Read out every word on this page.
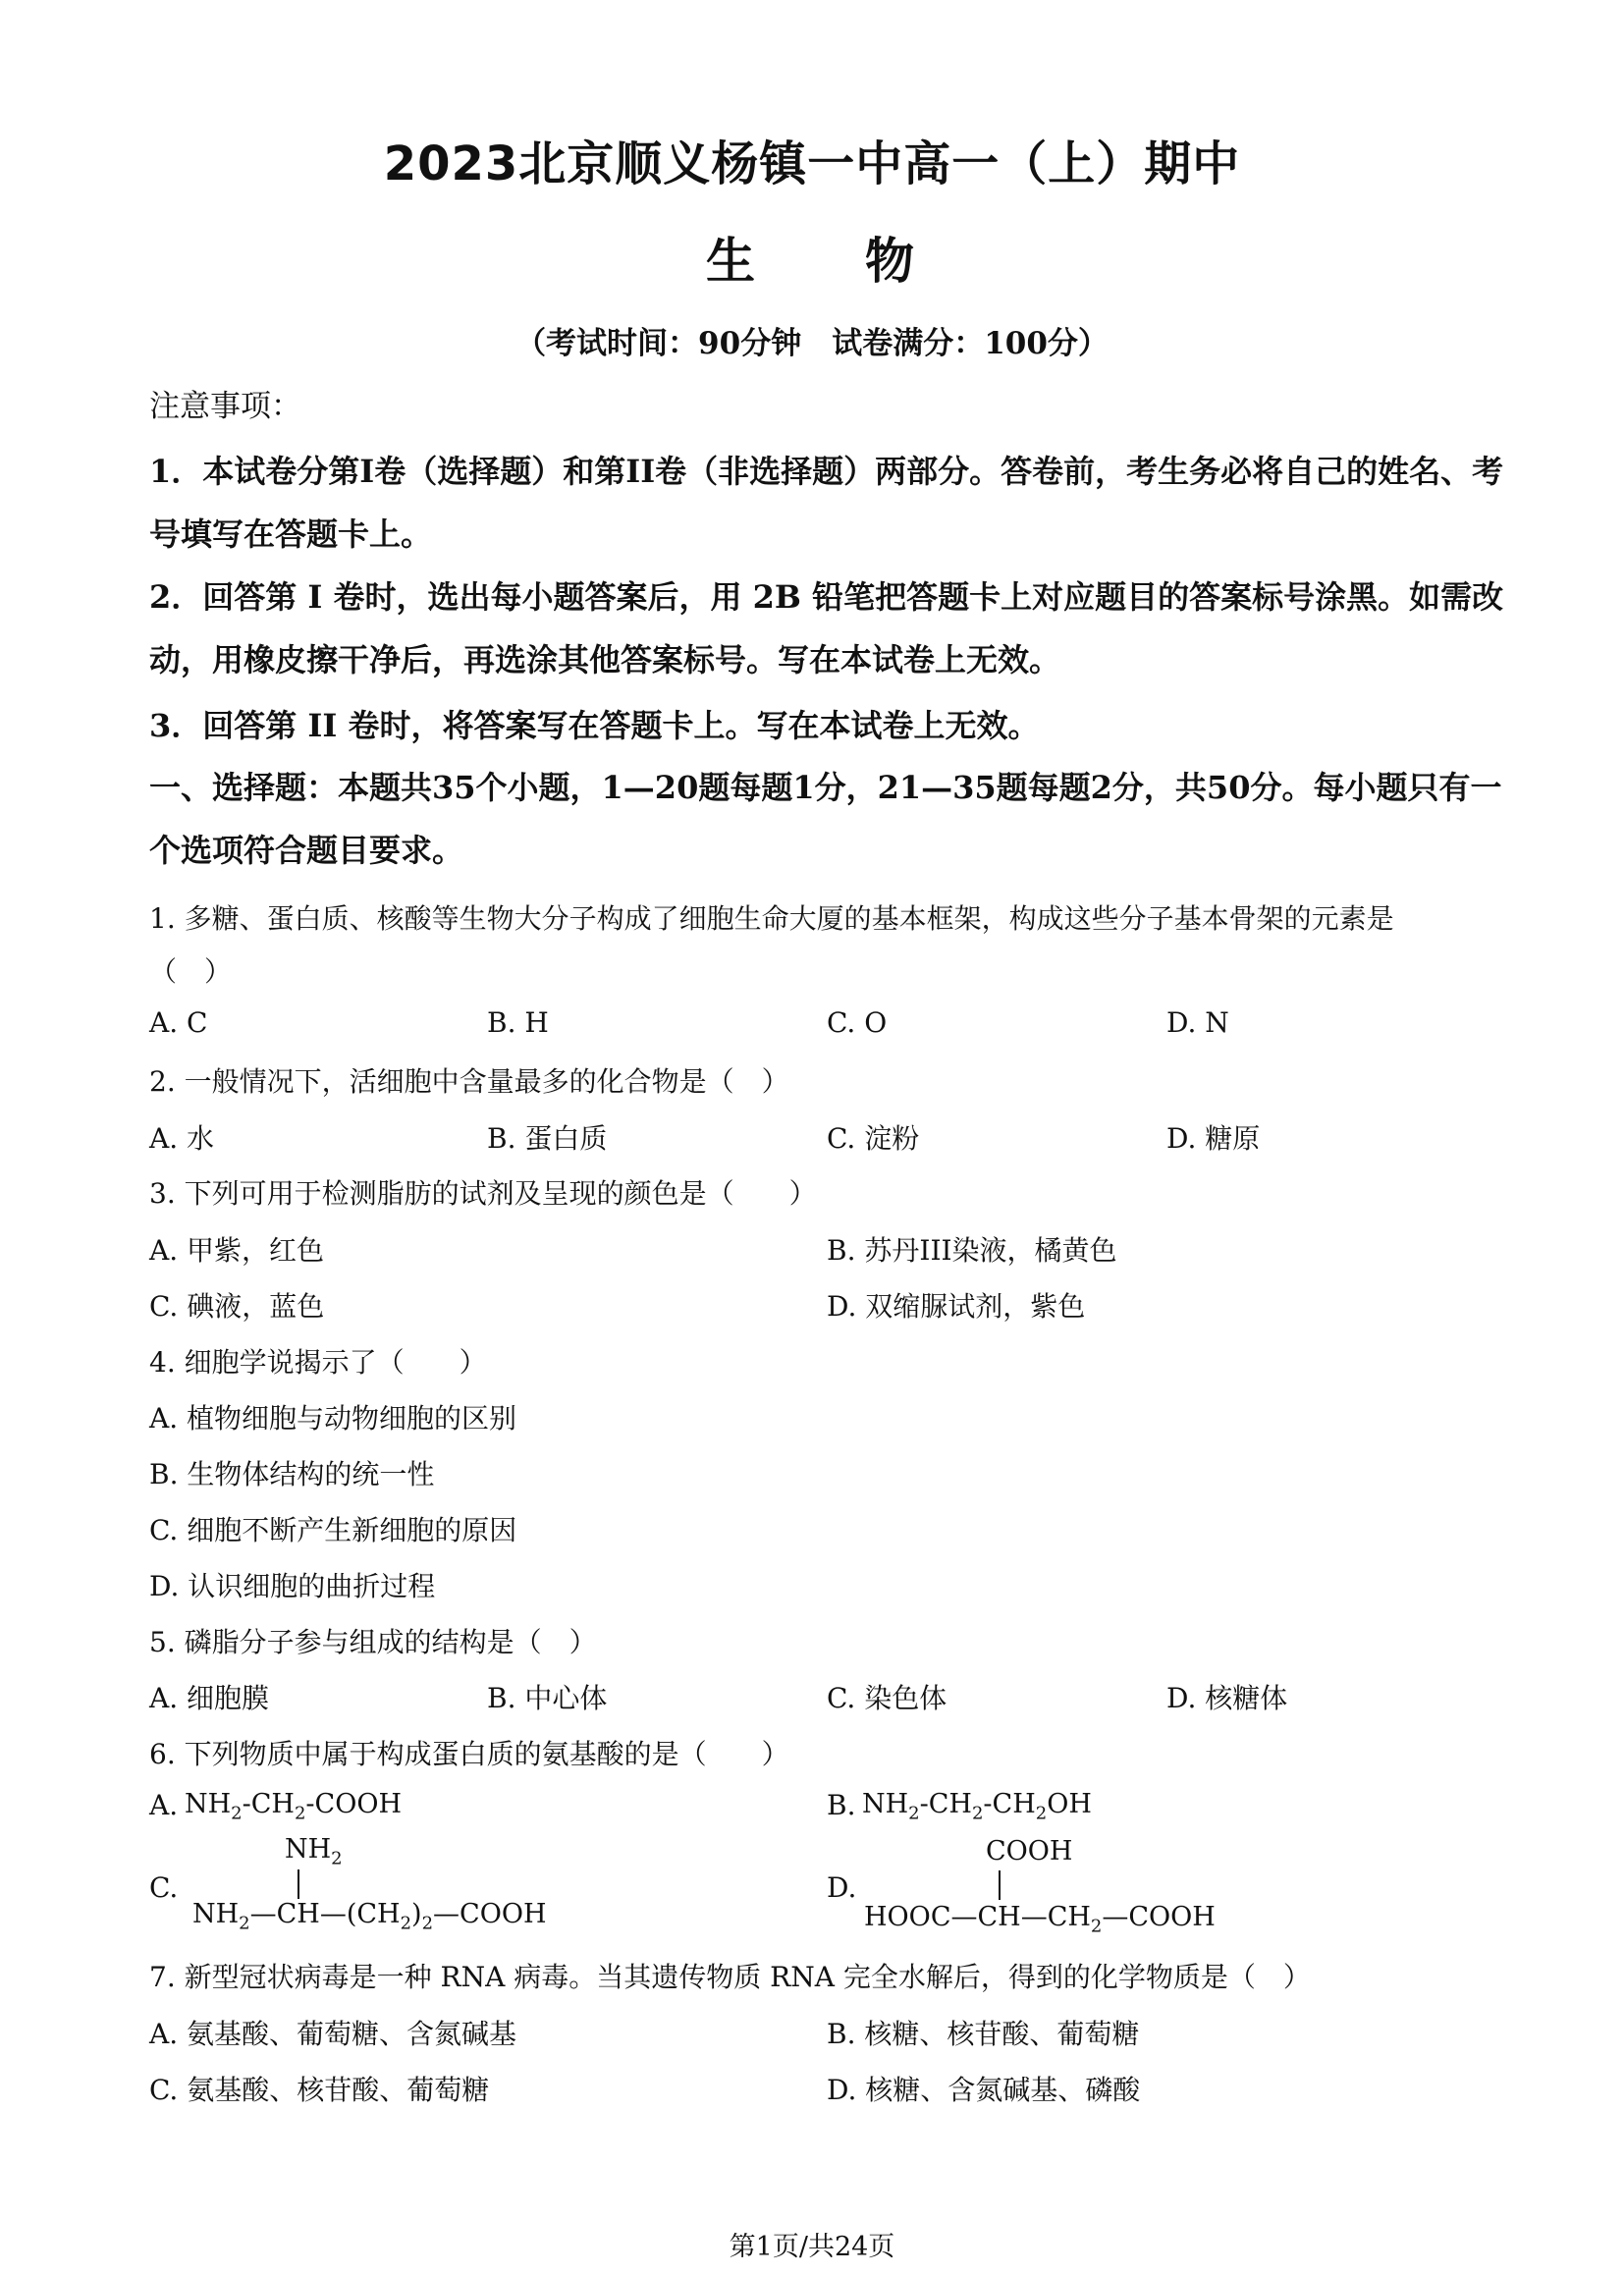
2023北京顺义杨镇一中高一（上）期中
生　　物
（考试时间：90分钟　试卷满分：100分）
注意事项：
1．本试卷分第I卷（选择题）和第II卷（非选择题）两部分。答卷前，考生务必将自己的姓名、考号填写在答题卡上。
2．回答第 I 卷时，选出每小题答案后，用 2B 铅笔把答题卡上对应题目的答案标号涂黑。如需改动，用橡皮擦干净后，再选涂其他答案标号。写在本试卷上无效。
3．回答第 II 卷时，将答案写在答题卡上。写在本试卷上无效。
一、选择题：本题共35个小题，1—20题每题1分，21—35题每题2分，共50分。每小题只有一个选项符合题目要求。
1. 多糖、蛋白质、核酸等生物大分子构成了细胞生命大厦的基本框架，构成这些分子基本骨架的元素是
（　）
A. C	B. H	C. O	D. N
2. 一般情况下，活细胞中含量最多的化合物是（　）
A. 水	B. 蛋白质	C. 淀粉	D. 糖原
3. 下列可用于检测脂肪的试剂及呈现的颜色是（　　）
A. 甲紫，红色	B. 苏丹III染液，橘黄色
C. 碘液，蓝色	D. 双缩脲试剂，紫色
4. 细胞学说揭示了（　　）
A. 植物细胞与动物细胞的区别
B. 生物体结构的统一性
C. 细胞不断产生新细胞的原因
D. 认识细胞的曲折过程
5. 磷脂分子参与组成的结构是（　）
A. 细胞膜	B. 中心体	C. 染色体	D. 核糖体
6. 下列物质中属于构成蛋白质的氨基酸的是（　　）
A. $NH_2-CH_2$-COOH	B. $NH_2-CH_2-CH_2OH$
C.
$NH_2$
$NH_2—CH—(CH_2)_2—COOH$
D.
COOH
$HOOC—CH—CH_2—COOH$
7. 新型冠状病毒是一种 RNA 病毒。当其遗传物质 RNA 完全水解后，得到的化学物质是（　）
A. 氨基酸、葡萄糖、含氮碱基	B. 核糖、核苷酸、葡萄糖
C. 氨基酸、核苷酸、葡萄糖	D. 核糖、含氮碱基、磷酸
第1页/共24页
